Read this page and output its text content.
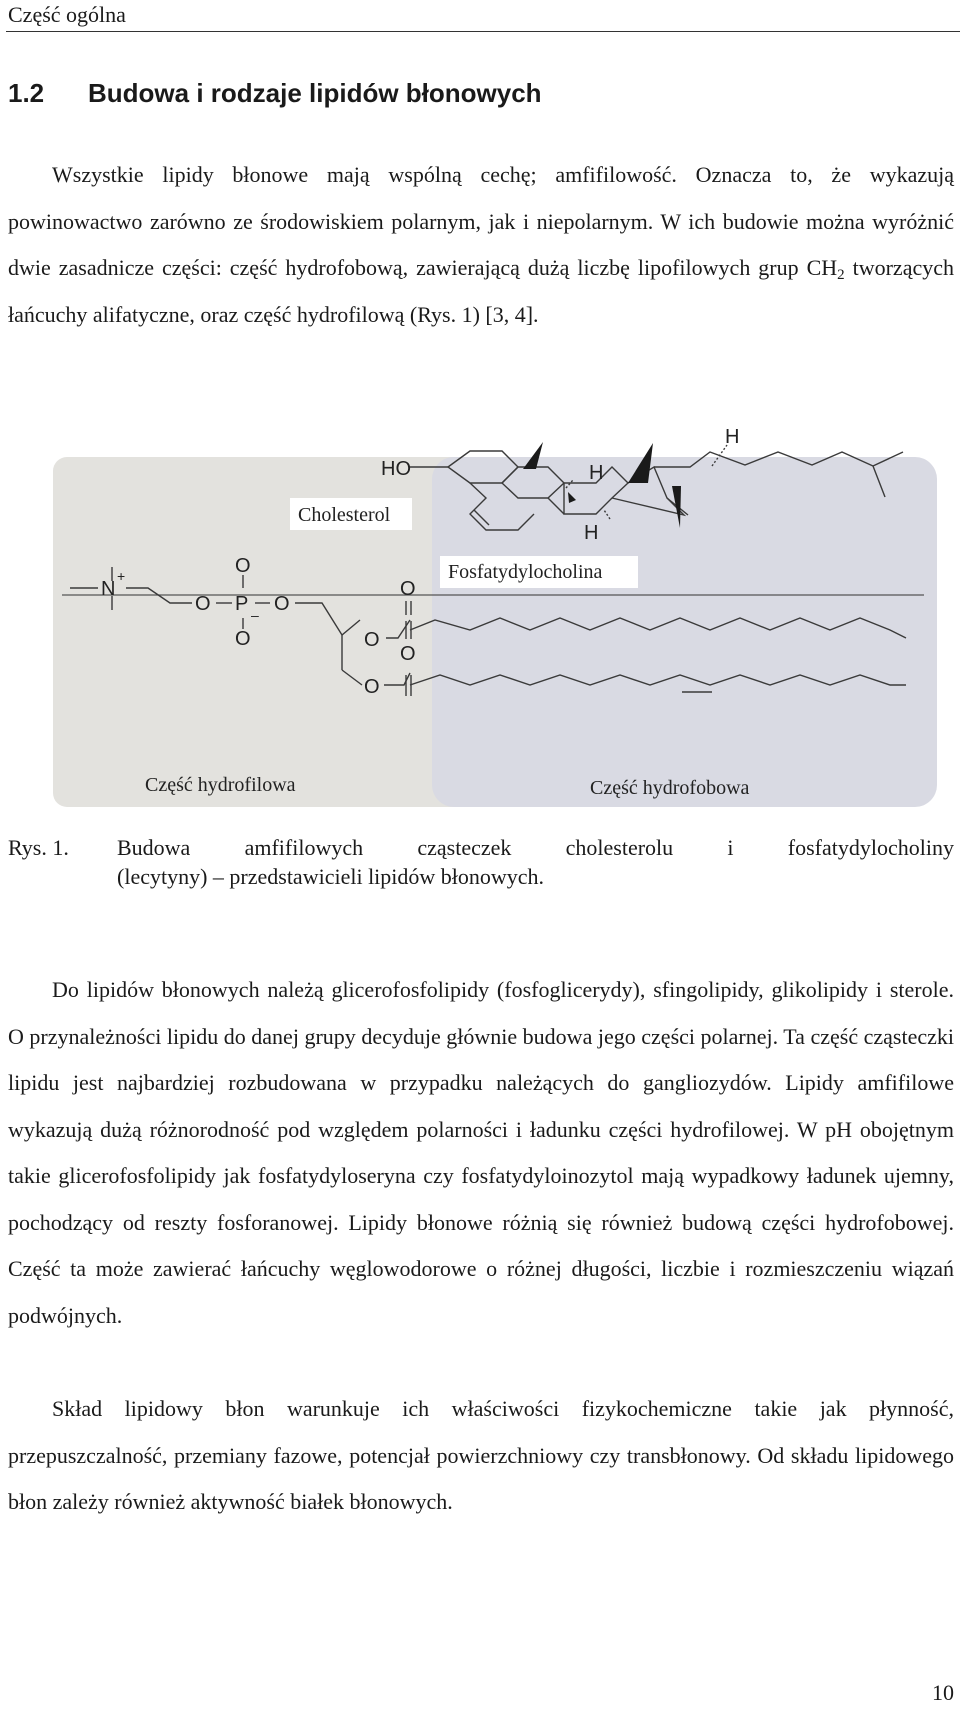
Część ogólna
1.2 Budowa i rodzaje lipidów błonowych
Wszystkie lipidy błonowe mają wspólną cechę; amfifilowość. Oznacza to, że wykazują powinowactwo zarówno ze środowiskiem polarnym, jak i niepolarnym. W ich budowie można wyróżnić dwie zasadnicze części: część hydrofobową, zawierającą dużą liczbę lipofilowych grup $CH_2$ tworzących łańcuchy alifatyczne, oraz część hydrofilową (Rys. 1) [3, 4].
HO
H
H
H
Cholesterol
Fosfatydylocholina
N
+	O
O P – O
O
O
O
O
O
Część hydrofilowa	Część hydrofobowa
Rys. 1. Budowa amfifilowych cząsteczek cholesterolu i fosfatydylocholiny
(lecytyny) – przedstawicieli lipidów błonowych.
Do lipidów błonowych należą glicerofosfolipidy (fosfoglicerydy), sfingolipidy, glikolipidy i sterole. O przynależności lipidu do danej grupy decyduje głównie budowa jego części polarnej. Ta część cząsteczki lipidu jest najbardziej rozbudowana w przypadku należących do gangliozydów. Lipidy amfifilowe wykazują dużą różnorodność pod względem polarności i ładunku części hydrofilowej. W pH obojętnym takie glicerofosfolipidy jak fosfatydyloseryna czy fosfatydyloinozytol mają wypadkowy ładunek ujemny, pochodzący od reszty fosforanowej. Lipidy błonowe różnią się również budową części hydrofobowej. Część ta może zawierać łańcuchy węglowodorowe o różnej długości, liczbie i rozmieszczeniu wiązań podwójnych.
Skład lipidowy błon warunkuje ich właściwości fizykochemiczne takie jak płynność, przepuszczalność, przemiany fazowe, potencjał powierzchniowy czy transbłonowy. Od składu lipidowego błon zależy również aktywność białek błonowych.
10
